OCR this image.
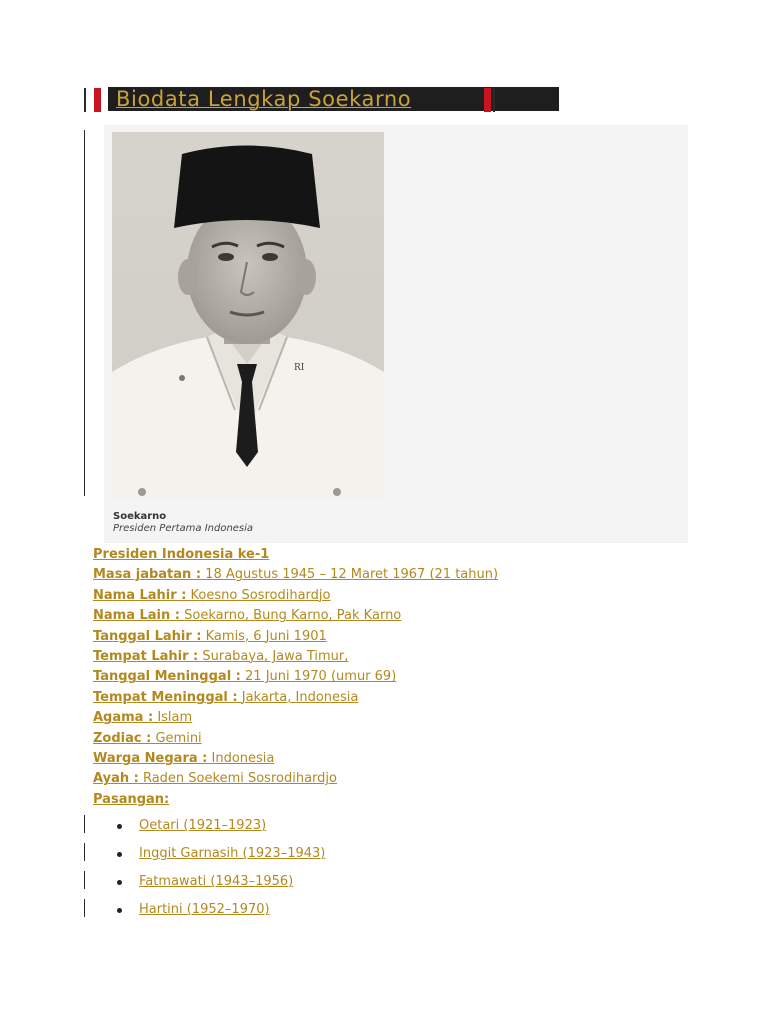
Biodata Lengkap Soekarno
RI
Soekarno
Presiden Pertama Indonesia
Presiden Indonesia ke-1
Masa jabatan : 18 Agustus 1945 – 12 Maret 1967 (21 tahun)
Nama Lahir : Koesno Sosrodihardjo
Nama Lain : Soekarno, Bung Karno, Pak Karno
Tanggal Lahir : Kamis, 6 Juni 1901
Tempat Lahir : Surabaya, Jawa Timur,
Tanggal Meninggal : 21 Juni 1970 (umur 69)
Tempat Meninggal : Jakarta, Indonesia
Agama : Islam
Zodiac : Gemini
Warga Negara : Indonesia
Ayah : Raden Soekemi Sosrodihardjo
Pasangan:
Oetari (1921–1923)
Inggit Garnasih (1923–1943)
Fatmawati (1943–1956)
Hartini (1952–1970)
